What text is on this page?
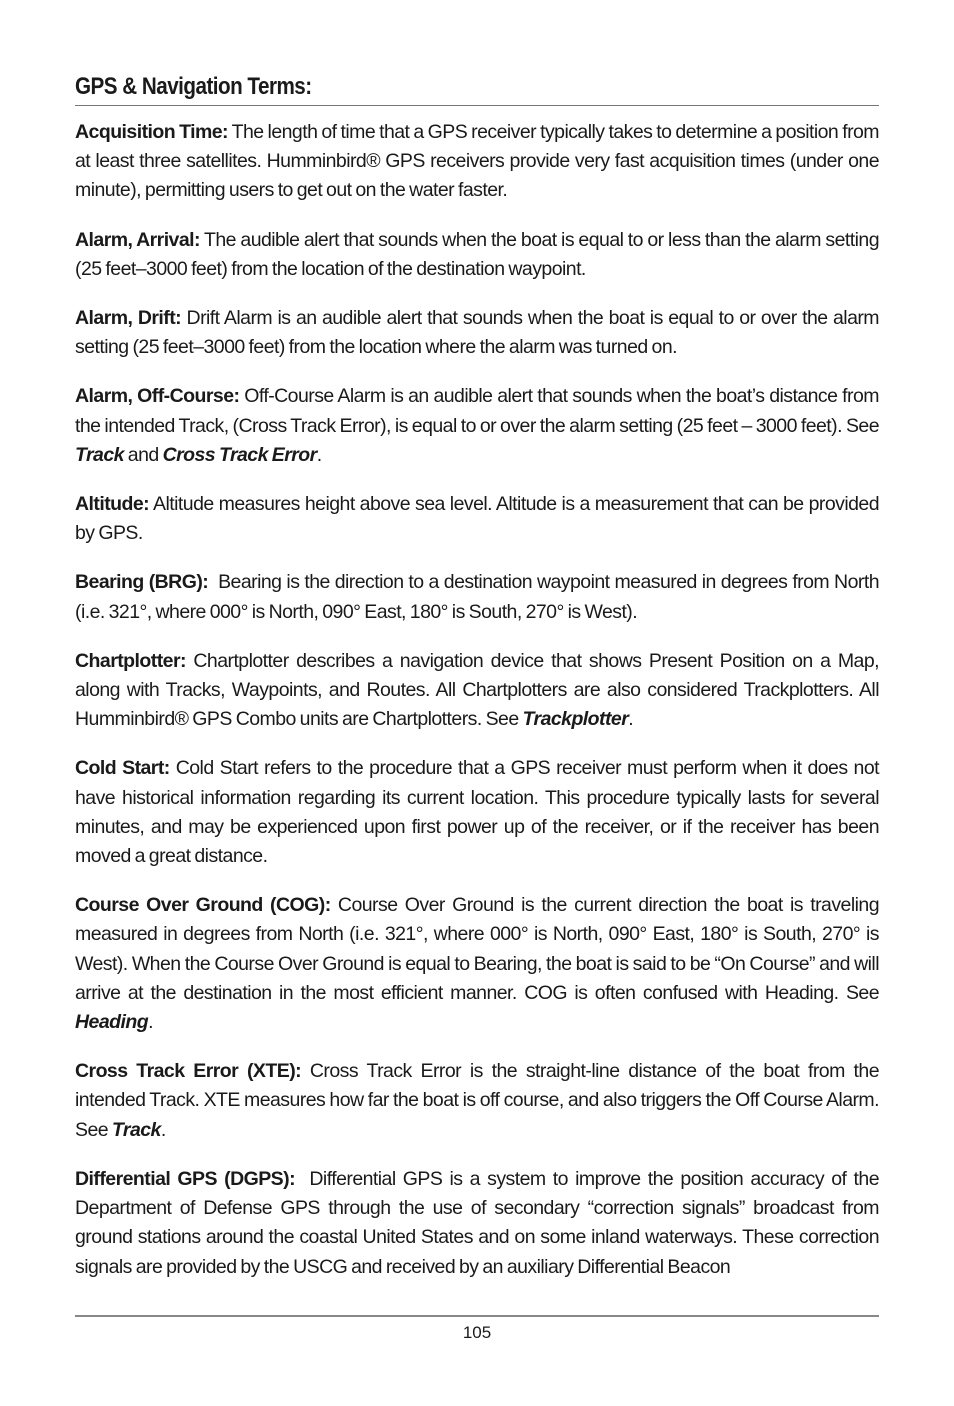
GPS & Navigation Terms:

Acquisition Time: The length of time that a GPS receiver typically takes to determine a position from at least three satellites. Humminbird® GPS receivers provide very fast acquisition times (under one minute), permitting users to get out on the water faster.

Alarm, Arrival: The audible alert that sounds when the boat is equal to or less than the alarm setting (25 feet–3000 feet) from the location of the destination waypoint.

Alarm, Drift: Drift Alarm is an audible alert that sounds when the boat is equal to or over the alarm setting (25 feet–3000 feet) from the location where the alarm was turned on.

Alarm, Off-Course: Off-Course Alarm is an audible alert that sounds when the boat’s distance from the intended Track, (Cross Track Error), is equal to or over the alarm setting (25 feet – 3000 feet). See Track and Cross Track Error.

Altitude: Altitude measures height above sea level. Altitude is a measurement that can be provided by GPS.

Bearing (BRG):  Bearing is the direction to a destination waypoint measured in degrees from North (i.e. 321°, where 000° is North, 090° East, 180° is South, 270° is West).

Chartplotter: Chartplotter describes a navigation device that shows Present Position on a Map, along with Tracks, Waypoints, and Routes. All Chartplotters are also considered Trackplotters. All Humminbird® GPS Combo units are Chartplotters. See Trackplotter.

Cold Start: Cold Start refers to the procedure that a GPS receiver must perform when it does not have historical information regarding its current location. This procedure typically lasts for several minutes, and may be experienced upon first power up of the receiver, or if the receiver has been moved a great distance.

Course Over Ground (COG): Course Over Ground is the current direction the boat is traveling measured in degrees from North (i.e. 321°, where 000° is North, 090° East, 180° is South, 270° is West). When the Course Over Ground is equal to Bearing, the boat is said to be “On Course” and will arrive at the destination in the most efficient manner. COG is often confused with Heading. See Heading.

Cross Track Error (XTE): Cross Track Error is the straight-line distance of the boat from the intended Track. XTE measures how far the boat is off course, and also triggers the Off Course Alarm. See Track.

Differential GPS (DGPS):  Differential GPS is a system to improve the position accuracy of the Department of Defense GPS through the use of secondary “correction signals” broadcast from ground stations around the coastal United States and on some inland waterways. These correction signals are provided by the USCG and received by an auxiliary Differential Beacon

105
